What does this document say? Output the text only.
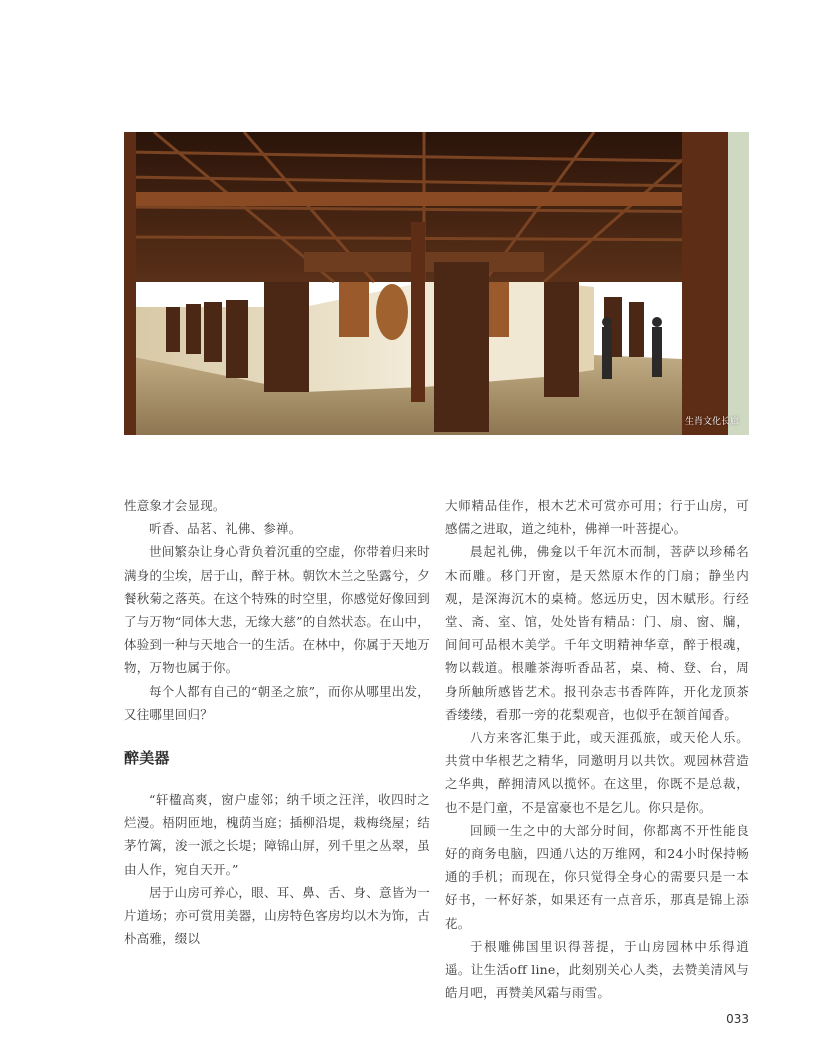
生肖文化长廊

性意象才会显现。

听香、品茗、礼佛、参禅。

世间繁杂让身心背负着沉重的空虚，你带着归来时满身的尘埃，居于山，醉于林。朝饮木兰之坠露兮，夕餐秋菊之落英。在这个特殊的时空里，你感觉好像回到了与万物“同体大悲，无缘大慈”的自然状态。在山中，体验到一种与天地合一的生活。在林中，你属于天地万物，万物也属于你。

每个人都有自己的“朝圣之旅”，而你从哪里出发，又往哪里回归？

醉美器

“轩楹高爽，窗户虚邻；纳千顷之汪洋，收四时之烂漫。梧阴匝地，槐荫当庭；插柳沿堤，栽梅绕屋；结茅竹篱，浚一派之长堤；障锦山屏，列千里之丛翠，虽由人作，宛自天开。”

居于山房可养心，眼、耳、鼻、舌、身、意皆为一片道场；亦可赏用美器，山房特色客房均以木为饰，古朴高雅，缀以

大师精品佳作，根木艺术可赏亦可用；行于山房，可感儒之进取，道之纯朴，佛禅一叶菩提心。

晨起礼佛，佛龛以千年沉木而制，菩萨以珍稀名木而雕。移门开窗，是天然原木作的门扇；静坐内观，是深海沉木的桌椅。悠远历史，因木赋形。行经堂、斋、室、馆，处处皆有精品：门、扇、窗、牖，间间可品根木美学。千年文明精神华章，醉于根魂，物以载道。根雕茶海听香品茗，桌、椅、登、台，周身所触所感皆艺术。报刊杂志书香阵阵，开化龙顶茶香缕缕，看那一旁的花梨观音，也似乎在颔首闻香。

八方来客汇集于此，或天涯孤旅，或天伦人乐。共赏中华根艺之精华，同邀明月以共饮。观园林营造之华典，醉拥清风以揽怀。在这里，你既不是总裁，也不是门童，不是富豪也不是乞儿。你只是你。

回顾一生之中的大部分时间，你都离不开性能良好的商务电脑，四通八达的万维网，和24小时保持畅通的手机；而现在，你只觉得全身心的需要只是一本好书，一杯好茶，如果还有一点音乐，那真是锦上添花。

于根雕佛国里识得菩提，于山房园林中乐得逍遥。让生活off line，此刻别关心人类，去赞美清风与皓月吧，再赞美风霜与雨雪。

033
